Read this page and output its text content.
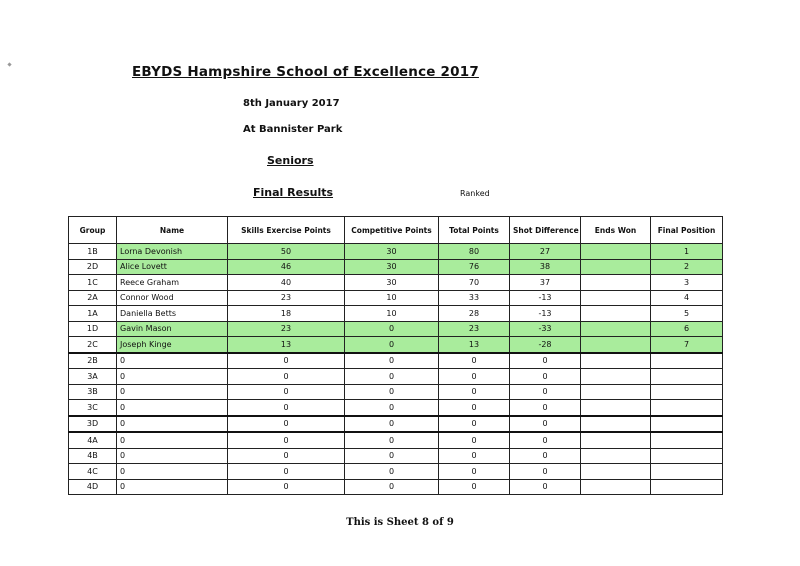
EBYDS Hampshire School of Excellence 2017
8th January 2017
At Bannister Park
Seniors
Final Results	Ranked
Group	Name	Skills Exercise Points	Competitive Points	Total Points	Shot Difference	Ends Won	Final Position
1B	Lorna Devonish	50	30	80	27		1
2D	Alice Lovett	46	30	76	38		2
1C	Reece Graham	40	30	70	37		3
2A	Connor Wood	23	10	33	-13		4
1A	Daniella Betts	18	10	28	-13		5
1D	Gavin Mason	23	0	23	-33		6
2C	Joseph Kinge	13	0	13	-28		7
2B	0	0	0	0	0		
3A	0	0	0	0	0		
3B	0	0	0	0	0		
3C	0	0	0	0	0		
3D	0	0	0	0	0		
4A	0	0	0	0	0		
4B	0	0	0	0	0		
4C	0	0	0	0	0		
4D	0	0	0	0	0		
This is Sheet 8 of 9
